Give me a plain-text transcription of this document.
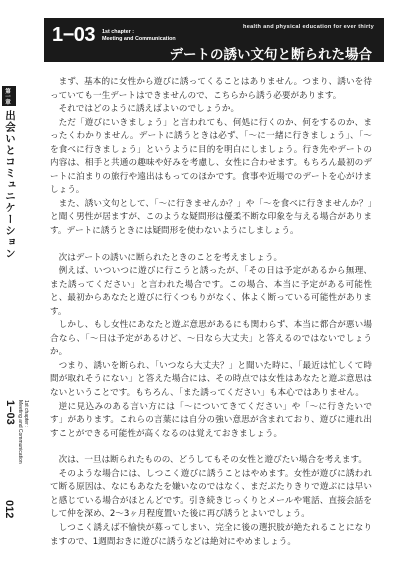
health and physical education for ever thirty
1−03 1st chapter :
Meeting and Communication
デートの誘い文句と断られた場合
第一章
出会いとコミュニケーション
1−03	1st chapter :
Meeting and Communication
012

まず、基本的に女性から遊びに誘ってくることはありません。つまり、誘いを待っていても一生デートはできませんので、こちらから誘う必要があります。

それではどのように誘えばよいのでしょうか。

ただ「遊びにいきましょう」と言われても、何処に行くのか、何をするのか、まったくわかりません。デートに誘うときは必ず、「〜に一緒に行きましょう」、「〜を食べに行きましょう」というように目的を明白にしましょう。行き先やデートの内容は、相手と共通の趣味や好みを考慮し、女性に合わせます。もちろん最初のデートに泊まりの旅行や遠出はもってのほかです。食事や近場でのデートを心がけましょう。

また、誘い文句として、「〜に行きませんか？」や「〜を食べに行きませんか？」と聞く男性が居ますが、このような疑問形は優柔不断な印象を与える場合があります。デートに誘うときには疑問形を使わないようにしましょう。

次はデートの誘いに断られたときのことを考えましょう。

例えば、いついつに遊びに行こうと誘ったが、「その日は予定があるから無理、また誘ってください」と言われた場合です。この場合、本当に予定がある可能性と、最初からあなたと遊びに行くつもりがなく、体よく断っている可能性があります。

しかし、もし女性にあなたと遊ぶ意思があるにも関わらず、本当に都合が悪い場合なら、「〜日は予定があるけど、〜日なら大丈夫」と答えるのではないでしょうか。

つまり、誘いを断られ、「いつなら大丈夫？」と聞いた時に、「最近は忙しくて時間が取れそうにない」と答えた場合には、その時点では女性はあなたと遊ぶ意思はないということです。もちろん、「また誘ってください」も本心ではありません。

逆に見込みのある言い方には「〜についてきてください」や「〜に行きたいです」があります。これらの言葉には自分の強い意思が含まれており、遊びに連れ出すことができる可能性が高くなるのは覚えておきましょう。

次は、一旦は断られたものの、どうしてもその女性と遊びたい場合を考えます。

そのような場合には、しつこく遊びに誘うことはやめます。女性が遊びに誘われて断る原因は、なにもあなたを嫌いなのではなく、まだぶたりきりで遊ぶには早いと感じている場合がほとんどです。引き続きじっくりとメールや電話、直接会話をして仲を深め、2〜3ヶ月程度置いた後に再び誘うとよいでしょう。

しつこく誘えば不愉快が募ってしまい、完全に後の選択肢が絶たれることになりますので、1週間おきに遊びに誘うなどは絶対にやめましょう。
